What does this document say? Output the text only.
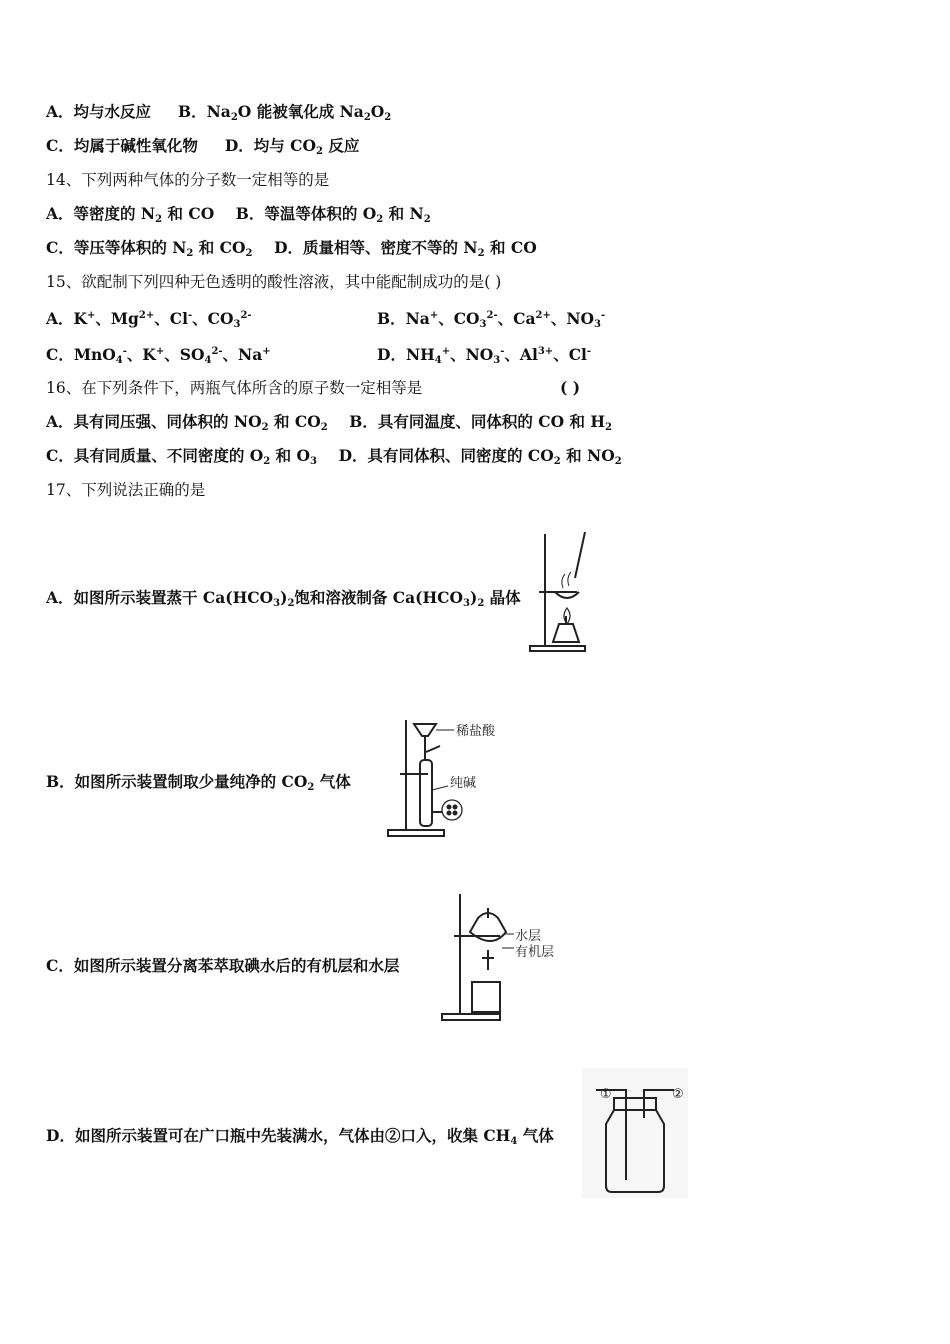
A．均与水反应 B．$Na_2O$ 能被氧化成 $Na_2O_2$
C．均属于碱性氧化物 D．均与 $CO_2$ 反应
14、下列两种气体的分子数一定相等的是
A．等密度的 $N_2$ 和 CO B．等温等体积的 $O_2$ 和 $N_2$
C．等压等体积的 $N_2$ 和 $CO_2$ D．质量相等、密度不等的 $N_2$ 和 CO
15、欲配制下列四种无色透明的酸性溶液，其中能配制成功的是( )
A．K+、$Mg^{2+}$、Cl-、$CO_3^{2-}$	B．Na+、$CO_3^{2-}$、$Ca^{2+}$、$NO_3^-$
C．MnO$_4$-、K+、$SO_4^{2-}$、Na+	D．$NH_4^+$、$NO_3^-$、$Al^{3+}$、Cl-
16、在下列条件下，两瓶气体所含的原子数一定相等是	( )
A．具有同压强、同体积的 $NO_2$ 和 $CO_2$ B．具有同温度、同体积的 CO 和 $H_2$
C．具有同质量、不同密度的 $O_2$ 和 $O_3$ D．具有同体积、同密度的 $CO_2$ 和 $NO_2$
17、下列说法正确的是
A．如图所示装置蒸干 $Ca(HCO_3)_2$饱和溶液制备 $Ca(HCO_3)_2$ 晶体
B．如图所示装置制取少量纯净的 $CO_2$ 气体
稀盐酸
纯碱
C．如图所示装置分离苯萃取碘水后的有机层和水层
水层
有机层
D．如图所示装置可在广口瓶中先装满水，气体由②口入，收集 $CH_4$ 气体
①	②
